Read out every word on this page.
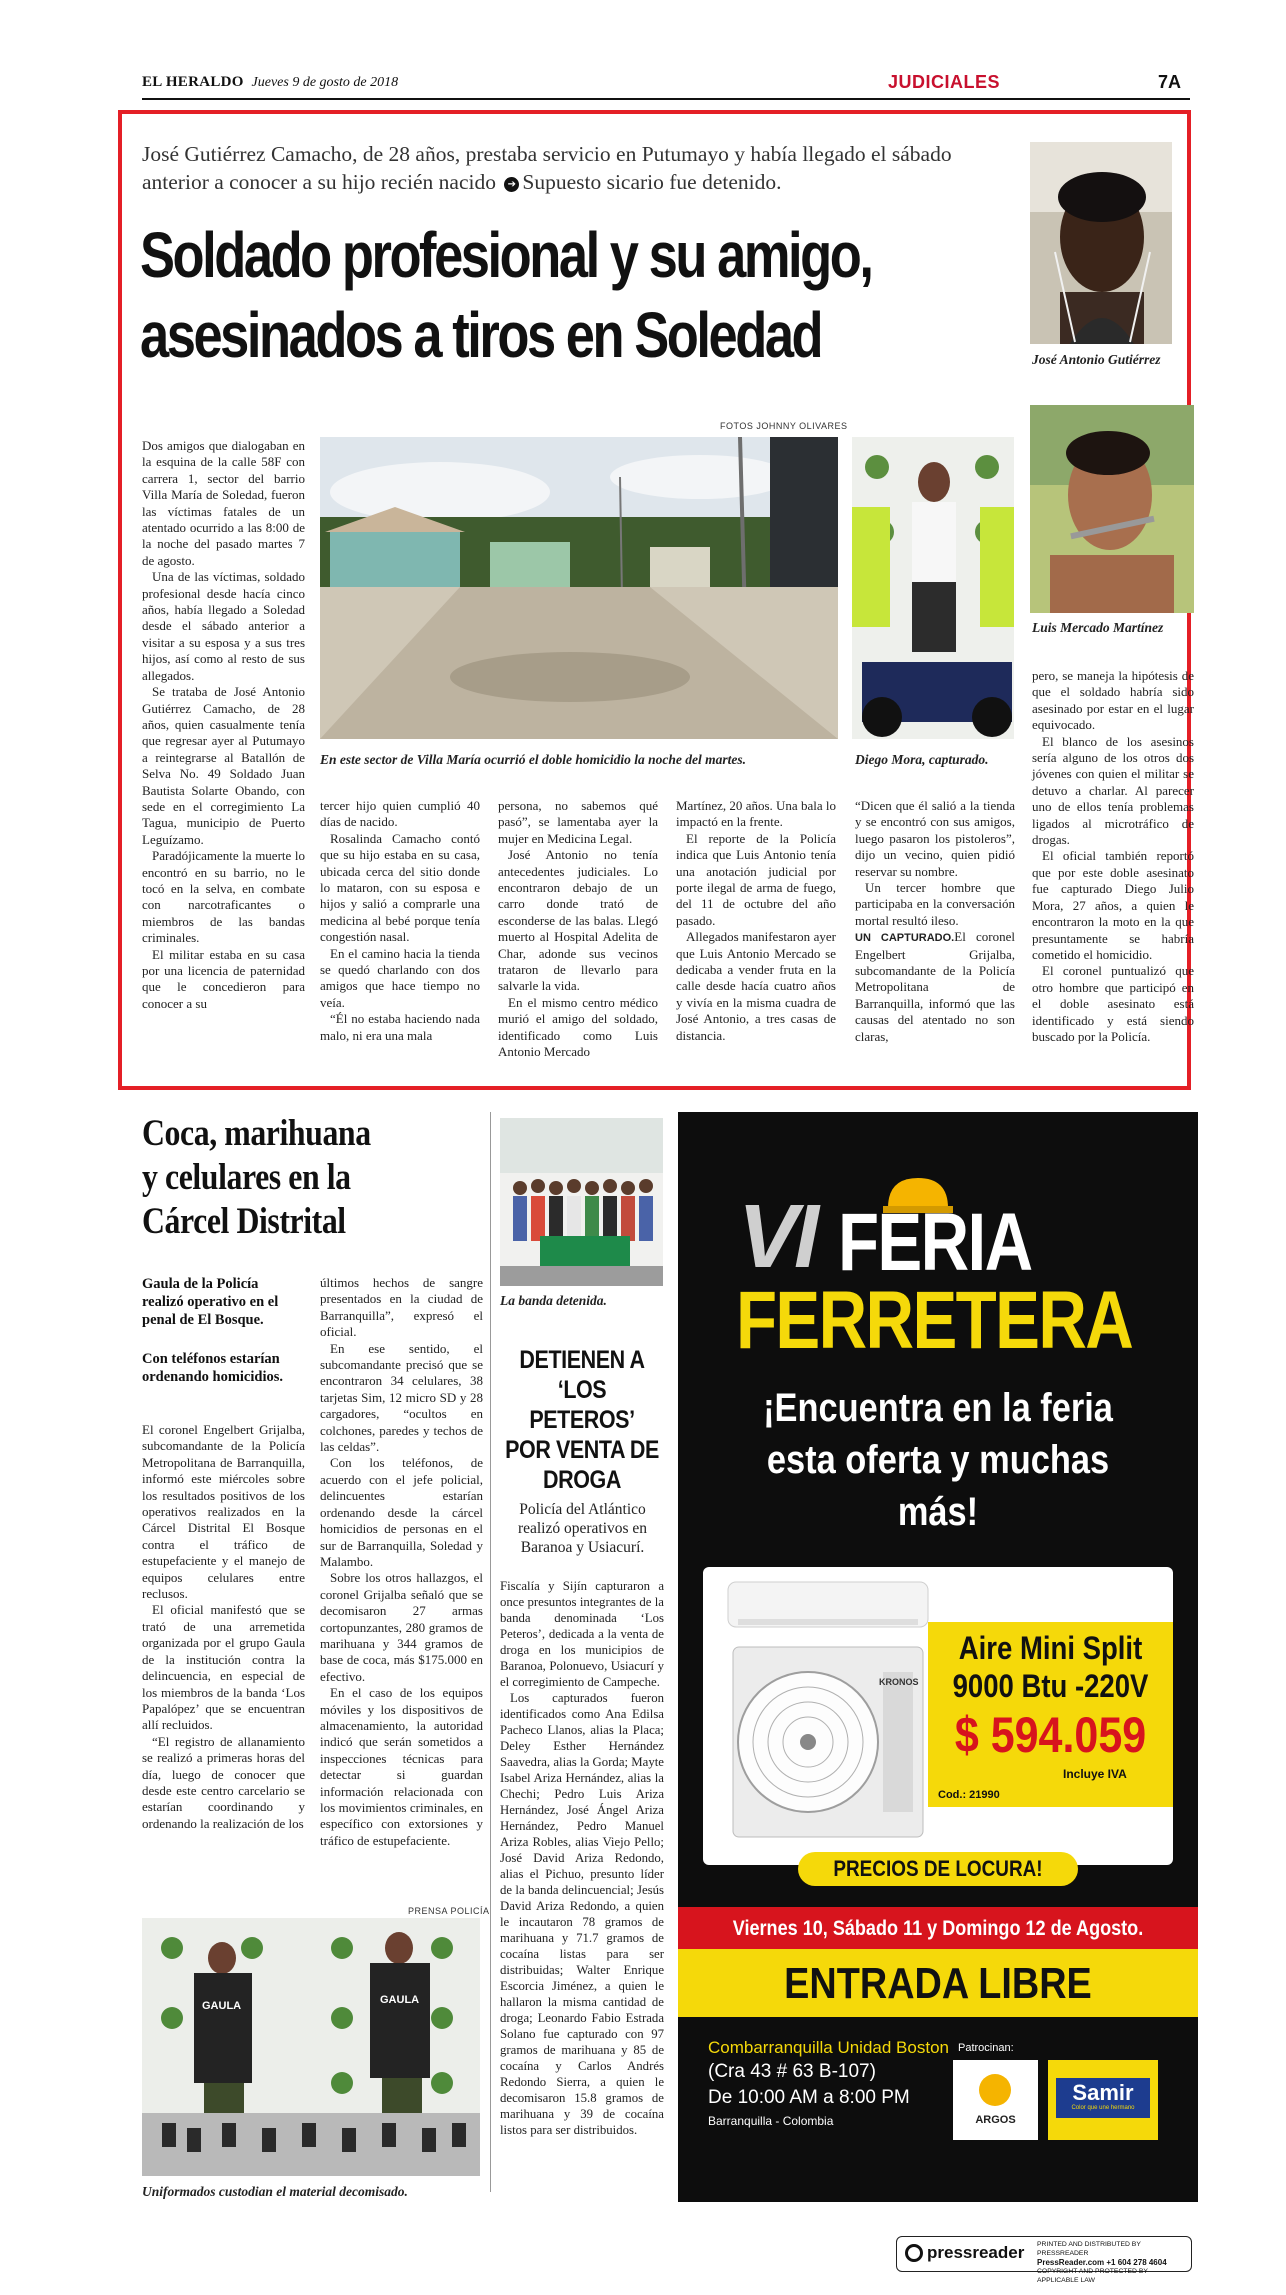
EL HERALDO Jueves 9 de gosto de 2018	JUDICIALES	7A
José Gutiérrez Camacho, de 28 años, prestaba servicio en Putumayo y había llegado el sábado anterior a conocer a su hijo recién nacido ➔ Supuesto sicario fue detenido.
Soldado profesional y su amigo,
asesinados a tiros en Soledad	José Antonio Gutiérrez
FOTOS JOHNNY OLIVARES
En este sector de Villa María ocurrió el doble homicidio la noche del martes.	Diego Mora, capturado.
Luis Mercado Martínez

Dos amigos que dialogaban en la esquina de la calle 58F con carrera 1, sector del barrio Villa María de Soledad, fueron las víctimas fatales de un atentado ocurrido a las 8:00 de la noche del pasado martes 7 de agosto.

Una de las víctimas, soldado profesional desde hacía cinco años, había llegado a Soledad desde el sábado anterior a visitar a su esposa y a sus tres hijos, así como al resto de sus allegados.

Se trataba de José Antonio Gutiérrez Camacho, de 28 años, quien casualmente tenía que regresar ayer al Putumayo a reintegrarse al Batallón de Selva No. 49 Soldado Juan Bautista Solarte Obando, con sede en el corregimiento La Tagua, municipio de Puerto Leguízamo.

Paradójicamente la muerte lo encontró en su barrio, no le tocó en la selva, en combate con narcotraficantes o miembros de las bandas criminales.

El militar estaba en su casa por una licencia de paternidad que le concedieron para conocer a su

tercer hijo quien cumplió 40 días de nacido.

Rosalinda Camacho contó que su hijo estaba en su casa, ubicada cerca del sitio donde lo mataron, con su esposa e hijos y salió a comprarle una medicina al bebé porque tenía congestión nasal.

En el camino hacia la tienda se quedó charlando con dos amigos que hace tiempo no veía.

“Él no estaba haciendo nada malo, ni era una mala

persona, no sabemos qué pasó”, se lamentaba ayer la mujer en Medicina Legal.

José Antonio no tenía antecedentes judiciales. Lo encontraron debajo de un carro donde trató de esconderse de las balas. Llegó muerto al Hospital Adelita de Char, adonde sus vecinos trataron de llevarlo para salvarle la vida.

En el mismo centro médico murió el amigo del soldado, identificado como Luis Antonio Mercado

Martínez, 20 años. Una bala lo impactó en la frente.

El reporte de la Policía indica que Luis Antonio tenía una anotación judicial por porte ilegal de arma de fuego, del 11 de octubre del año pasado.

Allegados manifestaron ayer que Luis Antonio Mercado se dedicaba a vender fruta en la calle desde hacía cuatro años y vivía en la misma cuadra de José Antonio, a tres casas de distancia.

“Dicen que él salió a la tienda y se encontró con sus amigos, luego pasaron los pistoleros”, dijo un vecino, quien pidió reservar su nombre.

Un tercer hombre que participaba en la conversación mortal resultó ileso.

UN CAPTURADO.El coronel Engelbert Grijalba, subcomandante de la Policía Metropolitana de Barranquilla, informó que las causas del atentado no son claras,

pero, se maneja la hipótesis de que el soldado habría sido asesinado por estar en el lugar equivocado.

El blanco de los asesinos sería alguno de los otros dos jóvenes con quien el militar se detuvo a charlar. Al parecer uno de ellos tenía problemas ligados al microtráfico de drogas.

El oficial también reportó que por este doble asesinato fue capturado Diego Julio Mora, 27 años, a quien le encontraron la moto en la que presuntamente se habría cometido el homicidio.

El coronel puntualizó que otro hombre que participó en el doble asesinato está identificado y está siendo buscado por la Policía.

Coca, marihuana
y celulares en la
Cárcel Distrital
Gaula de la Policía realizó operativo en el penal de El Bosque.
Con teléfonos estarían ordenando homicidios.

El coronel Engelbert Grijalba, subcomandante de la Policía Metropolitana de Barranquilla, informó este miércoles sobre los resultados positivos de los operativos realizados en la Cárcel Distrital El Bosque contra el tráfico de estupefaciente y el manejo de equipos celulares entre reclusos.

El oficial manifestó que se trató de una arremetida organizada por el grupo Gaula de la institución contra la delincuencia, en especial de los miembros de la banda ‘Los Papalópez’ que se encuentran allí recluidos.

“El registro de allanamiento se realizó a primeras horas del día, luego de conocer que desde este centro carcelario se estarían coordinando y ordenando la realización de los

últimos hechos de sangre presentados en la ciudad de Barranquilla”, expresó el oficial.

En ese sentido, el subcomandante precisó que se encontraron 34 celulares, 38 tarjetas Sim, 12 micro SD y 28 cargadores, “ocultos en colchones, paredes y techos de las celdas”.

Con los teléfonos, de acuerdo con el jefe policial, delincuentes estarían ordenando desde la cárcel homicidios de personas en el sur de Barranquilla, Soledad y Malambo.

Sobre los otros hallazgos, el coronel Grijalba señaló que se decomisaron 27 armas cortopunzantes, 280 gramos de marihuana y 344 gramos de base de coca, más $175.000 en efectivo.

En el caso de los equipos móviles y los dispositivos de almacenamiento, la autoridad indicó que serán sometidos a inspecciones técnicas para detectar si guardan información relacionada con los movimientos criminales, en específico con extorsiones y tráfico de estupefaciente.

PRENSA POLICÍA
GAULA	GAULA
Uniformados custodian el material decomisado.
La banda detenida.
DETIENEN A
‘LOS PETEROS’
POR VENTA DE
DROGA
Policía del Atlántico realizó operativos en Baranoa y Usiacurí.

Fiscalía y Sijín capturaron a once presuntos integrantes de la banda denominada ‘Los Peteros’, dedicada a la venta de droga en los municipios de Baranoa, Polonuevo, Usiacurí y el corregimiento de Campeche.

Los capturados fueron identificados como Ana Edilsa Pacheco Llanos, alias la Placa; Deley Esther Hernández Saavedra, alias la Gorda; Mayte Isabel Ariza Hernández, alias la Chechi; Pedro Luis Ariza Hernández, José Ángel Ariza Hernández, Pedro Manuel Ariza Robles, alias Viejo Pello; José David Ariza Redondo, alias el Pichuo, presunto líder de la banda delincuencial; Jesús David Ariza Redondo, a quien le incautaron 78 gramos de marihuana y 71.7 gramos de cocaína listas para ser distribuidas; Walter Enrique Escorcia Jiménez, a quien le hallaron la misma cantidad de droga; Leonardo Fabio Estrada Solano fue capturado con 97 gramos de marihuana y 85 de cocaína y Carlos Andrés Redondo Sierra, a quien le decomisaron 15.8 gramos de marihuana y 39 de cocaína listos para ser distribuidos.

VI FERIA
FERRETERA
¡Encuentra en la feria
esta oferta y muchas
más!
KRONOS
Aire Mini Split
9000 Btu -220V
$ 594.059
Incluye IVA
Cod.: 21990
PRECIOS DE LOCURA!
Viernes 10, Sábado 11 y Domingo 12 de Agosto.
ENTRADA LIBRE
Combarranquilla Unidad Boston
(Cra 43 # 63 B-107)
De 10:00 AM a 8:00 PM
Barranquilla - Colombia
Patrocinan:
ARGOS
Samir
Color que une hermano
pressreader PRINTED AND DISTRIBUTED BY PRESSREADER
PressReader.com +1 604 278 4604
COPYRIGHT AND PROTECTED BY APPLICABLE LAW
